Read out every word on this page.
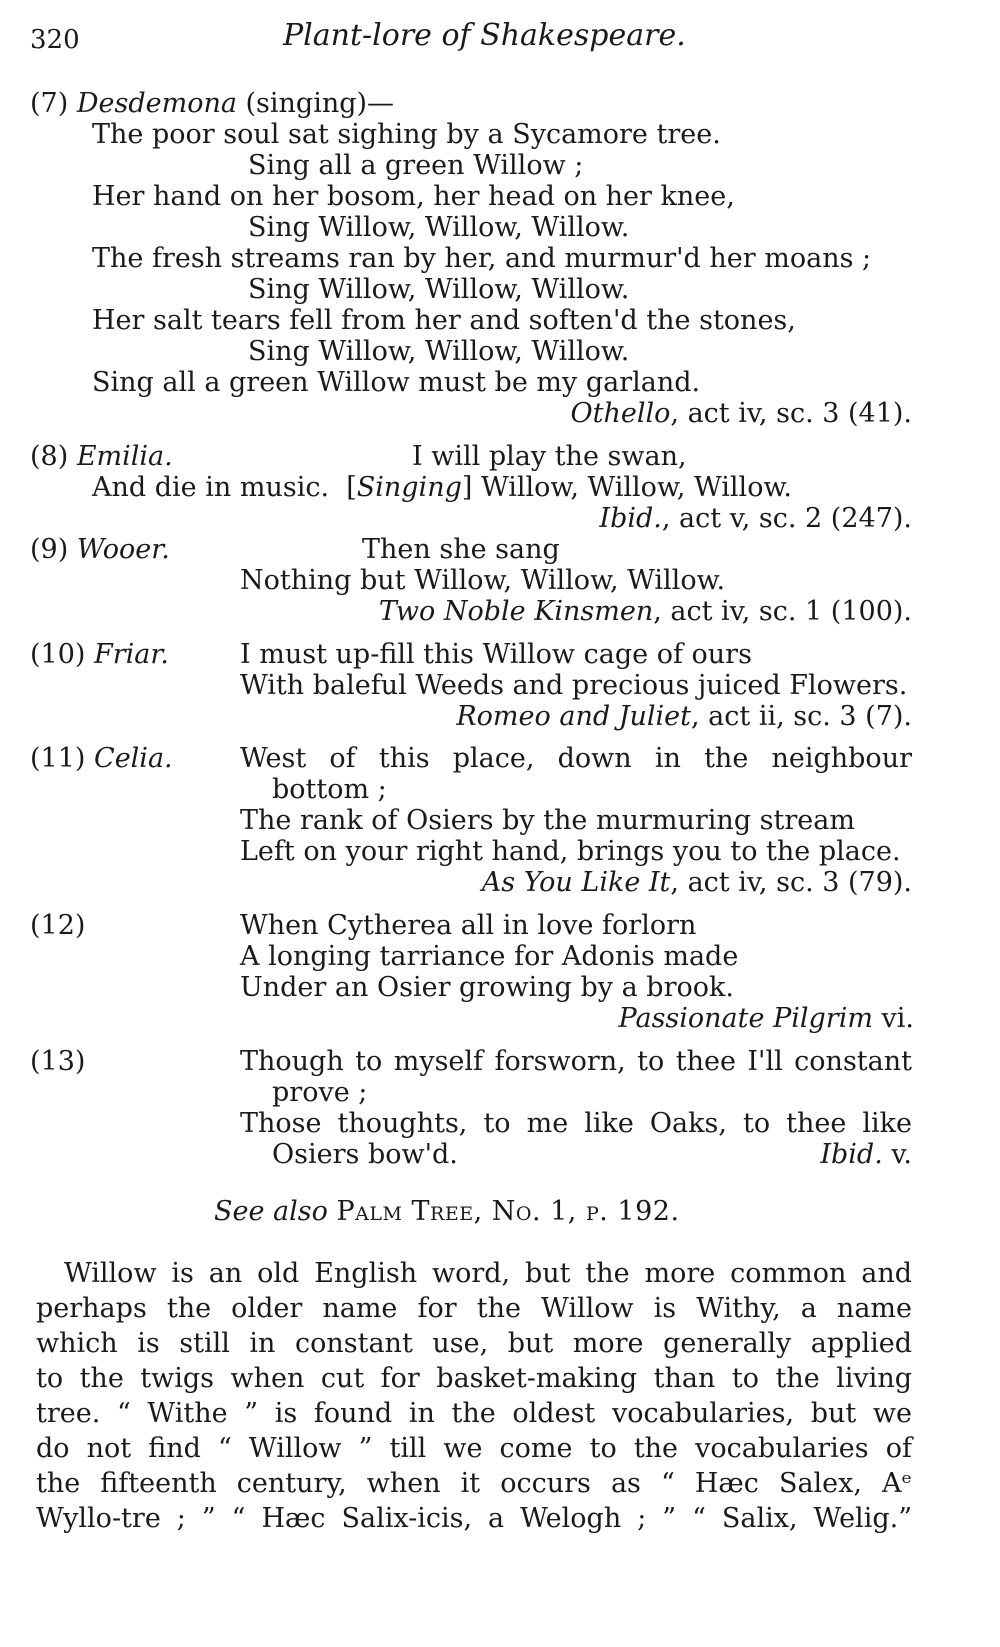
320	Plant-lore of Shakespeare.
(7) Desdemona (singing)—
The poor soul sat sighing by a Sycamore tree.
Sing all a green Willow ;
Her hand on her bosom, her head on her knee,
Sing Willow, Willow, Willow.
The fresh streams ran by her, and murmur'd her moans ;
Sing Willow, Willow, Willow.
Her salt tears fell from her and soften'd the stones,
Sing Willow, Willow, Willow.
Sing all a green Willow must be my garland.
Othello, act iv, sc. 3 (41).
(8) Emilia.	I will play the swan,
And die in music. [Singing] Willow, Willow, Willow.
Ibid., act v, sc. 2 (247).
(9) Wooer.	Then she sang
Nothing but Willow, Willow, Willow.
Two Noble Kinsmen, act iv, sc. 1 (100).
(10) Friar.	I must up-fill this Willow cage of ours
With baleful Weeds and precious juiced Flowers.
Romeo and Juliet, act ii, sc. 3 (7).
(11) Celia. West of this place, down in the neighbour
bottom ;
The rank of Osiers by the murmuring stream
Left on your right hand, brings you to the place.
As You Like It, act iv, sc. 3 (79).
(12)	When Cytherea all in love forlorn
A longing tarriance for Adonis made
Under an Osier growing by a brook.
Passionate Pilgrim vi.
(13)	Though to myself forsworn, to thee I'll constant
prove ;
Those thoughts, to me like Oaks, to thee like
Osiers bow'd.	Ibid. v.
See also Palm Tree, No. 1, p. 192.
Willow is an old English word, but the more common and
perhaps the older name for the Willow is Withy, a name
which is still in constant use, but more generally applied
to the twigs when cut for basket-making than to the living
tree. “ Withe ” is found in the oldest vocabularies, but we
do not find “ Willow ” till we come to the vocabularies of
the fifteenth century, when it occurs as “ Hæc Salex, Aᵉ
Wyllo-tre ; ” “ Hæc Salix-icis, a Welogh ; ” “ Salix, Welig.”
